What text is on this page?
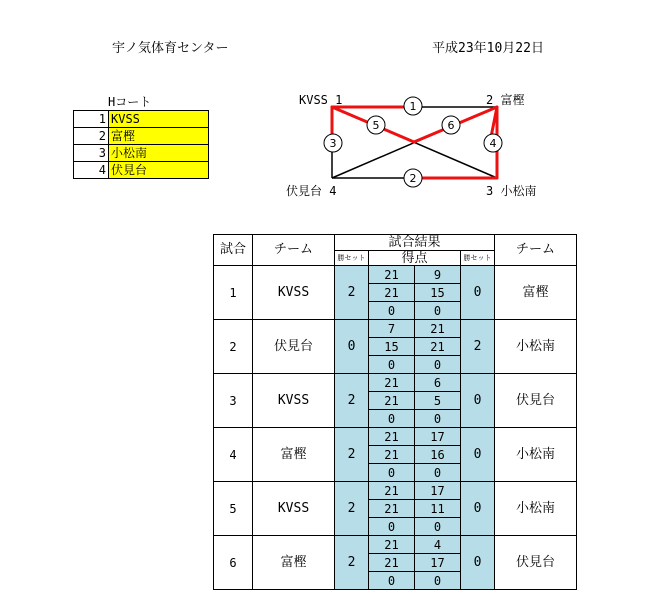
宇ノ気体育センター	平成23年10月22日
Hコート
1	KVSS
2	富樫
3	小松南
4	伏見台
1
2
3	4
5	6
KVSS 1	2 富樫
伏見台 4	3 小松南
試合	チーム	試合結果				チーム
		勝セット	得点		勝セット	
1	KVSS	2	21	9	0	富樫
			21	15		
			0	0		
2	伏見台	0	7	21	2	小松南
			15	21		
			0	0		
3	KVSS	2	21	6	0	伏見台
			21	5		
			0	0		
4	富樫	2	21	17	0	小松南
			21	16		
			0	0		
5	KVSS	2	21	17	0	小松南
			21	11		
			0	0		
6	富樫	2	21	4	0	伏見台
			21	17		
			0	0		
